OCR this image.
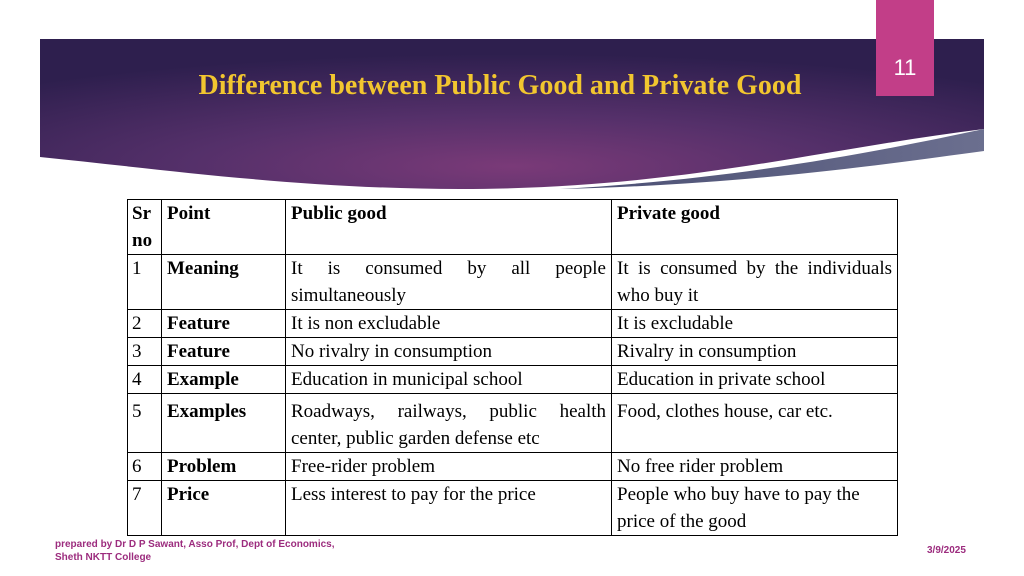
Difference between Public Good and Private Good
11
Sr no	Point	Public good	Private good
1	Meaning	It is consumed by all people simultaneously	It is consumed by the individuals who buy it
2	Feature	It is non excludable	It is excludable
3	Feature	No rivalry in consumption	Rivalry in consumption
4	Example	Education in municipal school	Education in private school
5	Examples	Roadways, railways, public health center, public garden defense etc	Food, clothes house, car etc.
6	Problem	Free-rider problem	No free rider problem
7	Price	Less interest to pay for the price	People who buy have to pay the price of the good
prepared by Dr D P Sawant, Asso Prof, Dept of Economics,
Sheth NKTT College
3/9/2025
